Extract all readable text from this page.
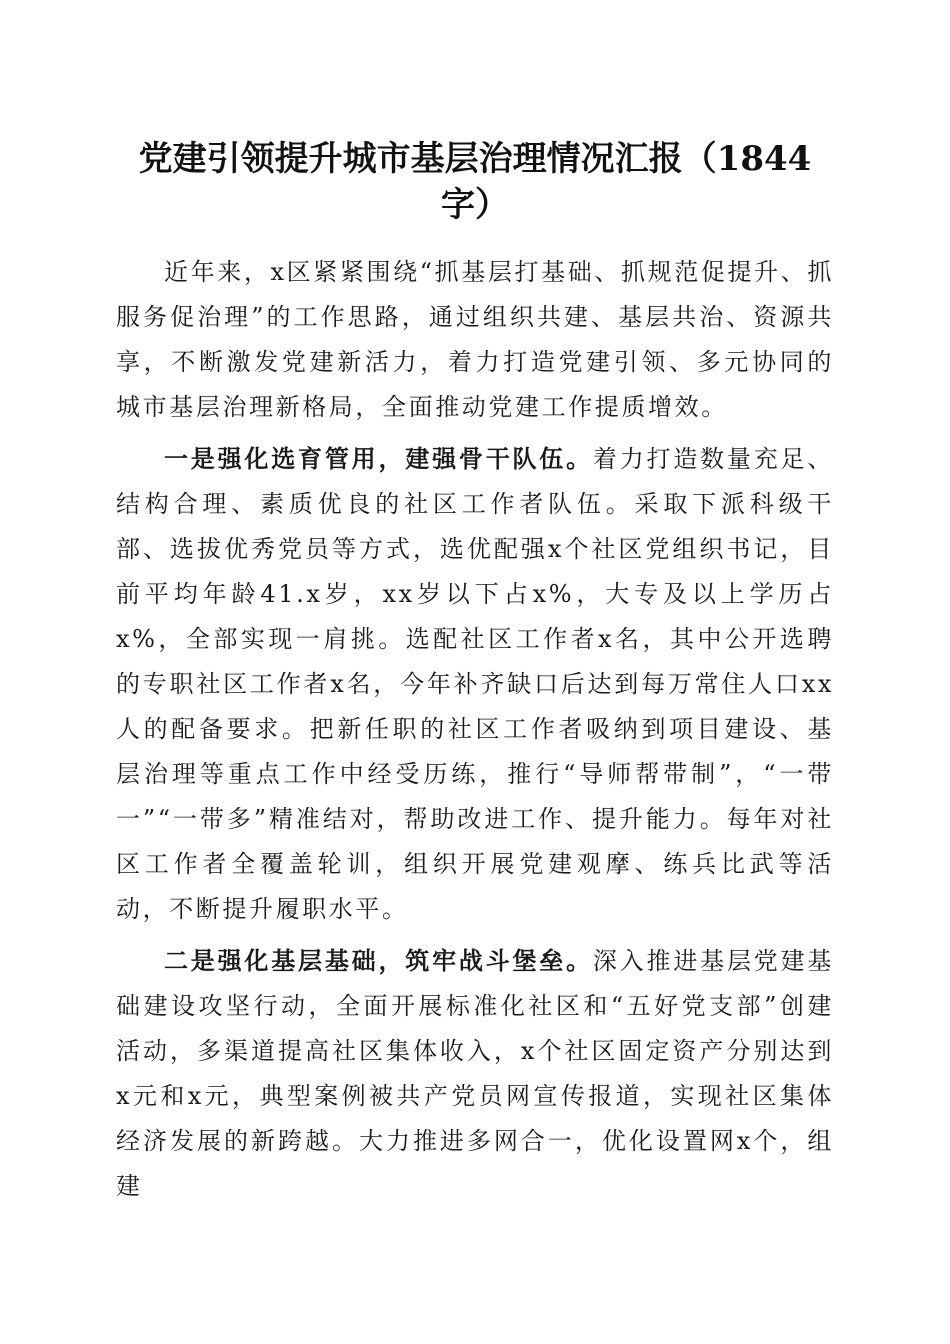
党建引领提升城市基层治理情况汇报（1844字）

近年来，x区紧紧围绕“抓基层打基础、抓规范促提升、抓服务促治理”的工作思路，通过组织共建、基层共治、资源共享，不断激发党建新活力，着力打造党建引领、多元协同的城市基层治理新格局，全面推动党建工作提质增效。

一是强化选育管用，建强骨干队伍。着力打造数量充足、结构合理、素质优良的社区工作者队伍。采取下派科级干部、选拔优秀党员等方式，选优配强x个社区党组织书记，目前平均年龄41.x岁，xx岁以下占x%，大专及以上学历占x%，全部实现一肩挑。选配社区工作者x名，其中公开选聘的专职社区工作者x名，今年补齐缺口后达到每万常住人口xx人的配备要求。把新任职的社区工作者吸纳到项目建设、基层治理等重点工作中经受历练，推行“导师帮带制”，“一带一”“一带多”精准结对，帮助改进工作、提升能力。每年对社区工作者全覆盖轮训，组织开展党建观摩、练兵比武等活动，不断提升履职水平。

二是强化基层基础，筑牢战斗堡垒。深入推进基层党建基础建设攻坚行动，全面开展标准化社区和“五好党支部”创建活动，多渠道提高社区集体收入，x个社区固定资产分别达到x元和x元，典型案例被共产党员网宣传报道，实现社区集体经济发展的新跨越。大力推进多网合一，优化设置网x个，组建
